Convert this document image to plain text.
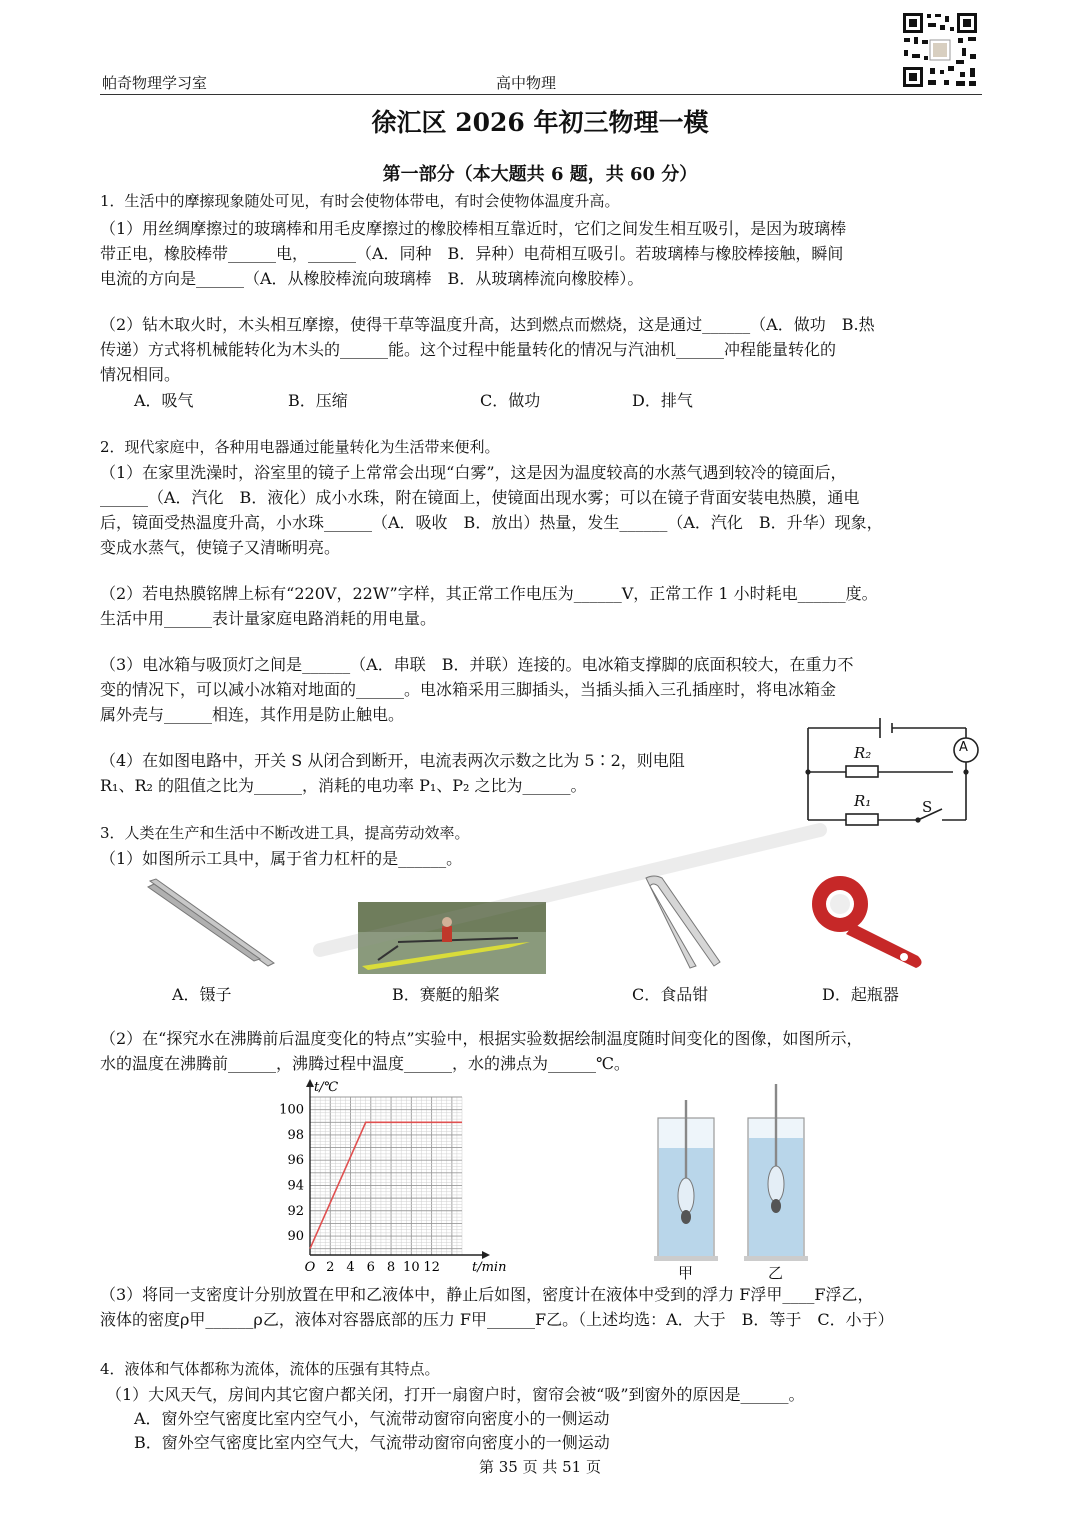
帕奇物理学习室	高中物理
徐汇区 2026 年初三物理一模
第一部分（本大题共 6 题，共 60 分）
1．生活中的摩擦现象随处可见，有时会使物体带电，有时会使物体温度升高。
（1）用丝绸摩擦过的玻璃棒和用毛皮摩擦过的橡胶棒相互靠近时，它们之间发生相互吸引，是因为玻璃棒
带正电，橡胶棒带______电，______（A．同种　B．异种）电荷相互吸引。若玻璃棒与橡胶棒接触，瞬间
电流的方向是______（A．从橡胶棒流向玻璃棒　B．从玻璃棒流向橡胶棒）。
（2）钻木取火时，木头相互摩擦，使得干草等温度升高，达到燃点而燃烧，这是通过______（A．做功　B.热
传递）方式将机械能转化为木头的______能。这个过程中能量转化的情况与汽油机______冲程能量转化的
情况相同。
A．吸气	B．压缩	C．做功	D．排气
2．现代家庭中，各种用电器通过能量转化为生活带来便利。
（1）在家里洗澡时，浴室里的镜子上常常会出现“白雾”，这是因为温度较高的水蒸气遇到较冷的镜面后，
______（A．汽化　B．液化）成小水珠，附在镜面上，使镜面出现水雾；可以在镜子背面安装电热膜，通电
后，镜面受热温度升高，小水珠______（A．吸收　B．放出）热量，发生______（A．汽化　B．升华）现象，
变成水蒸气，使镜子又清晰明亮。
（2）若电热膜铭牌上标有“220V，22W”字样，其正常工作电压为______V，正常工作 1 小时耗电______度。
生活中用______表计量家庭电路消耗的用电量。
（3）电冰箱与吸顶灯之间是______（A．串联　B．并联）连接的。电冰箱支撑脚的底面积较大，在重力不
变的情况下，可以减小冰箱对地面的______。电冰箱采用三脚插头，当插头插入三孔插座时，将电冰箱金
属外壳与______相连，其作用是防止触电。
（4）在如图电路中，开关 S 从闭合到断开，电流表两次示数之比为 5∶2，则电阻
R₁、R₂ 的阻值之比为______，消耗的电功率 P₁、P₂ 之比为______。
A
R₂
R₁	S
3．人类在生产和生活中不断改进工具，提高劳动效率。
（1）如图所示工具中，属于省力杠杆的是______。
A．镊子	B．赛艇的船桨	C．食品钳	D．起瓶器
（2）在“探究水在沸腾前后温度变化的特点”实验中，根据实验数据绘制温度随时间变化的图像，如图所示，
水的温度在沸腾前______，沸腾过程中温度______，水的沸点为______℃。
O 2 4 6 8 10 12
90
92
94
96
98
100
t/min
t/℃
甲	乙
（3）将同一支密度计分别放置在甲和乙液体中，静止后如图，密度计在液体中受到的浮力 F浮甲____F浮乙，
液体的密度ρ甲______ρ乙，液体对容器底部的压力 F甲______F乙。（上述均选：A．大于　B．等于　C．小于）
4．液体和气体都称为流体，流体的压强有其特点。
（1）大风天气，房间内其它窗户都关闭，打开一扇窗户时，窗帘会被“吸”到窗外的原因是______。
A．窗外空气密度比室内空气小，气流带动窗帘向密度小的一侧运动
B．窗外空气密度比室内空气大，气流带动窗帘向密度小的一侧运动
第 35 页 共 51 页
